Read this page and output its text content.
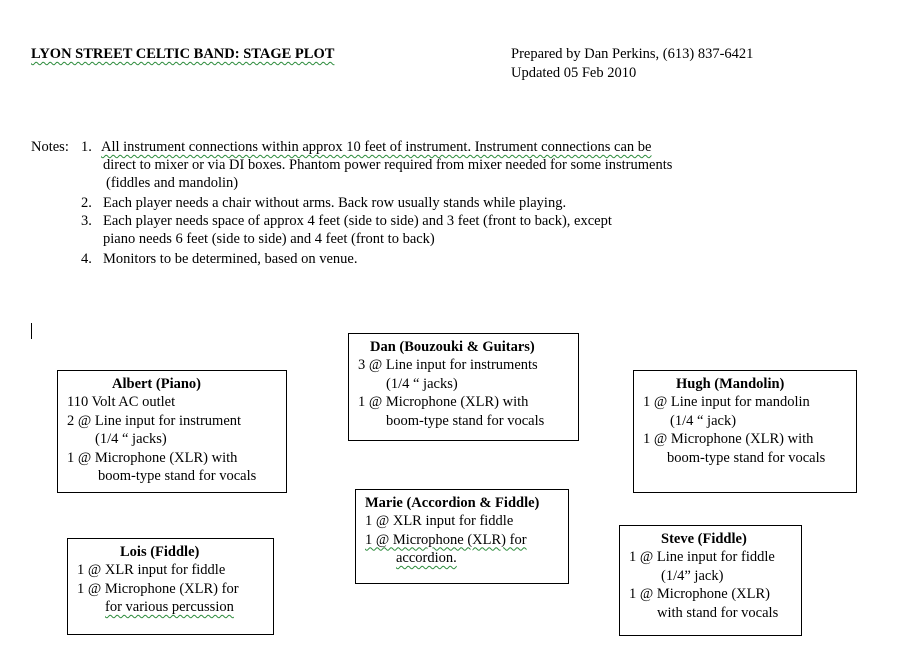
LYON STREET CELTIC BAND: STAGE PLOT	Prepared by Dan Perkins, (613) 837-6421
Updated 05 Feb 2010
Notes: 1. All instrument connections within approx 10 feet of instrument. Instrument connections can be
direct to mixer or via DI boxes. Phantom power required from mixer needed for some instruments
(fiddles and mandolin)
2. Each player needs a chair without arms. Back row usually stands while playing.
3. Each player needs space of approx 4 feet (side to side) and 3 feet (front to back), except
piano needs 6 feet (side to side) and 4 feet (front to back)
4. Monitors to be determined, based on venue.
Dan (Bouzouki & Guitars)
3 @ Line input for instruments
(1/4 “ jacks)
1 @ Microphone (XLR) with
boom-type stand for vocals
Albert (Piano)
110 Volt AC outlet
2 @ Line input for instrument
(1/4 “ jacks)
1 @ Microphone (XLR) with
boom-type stand for vocals
Hugh (Mandolin)
1 @ Line input for mandolin
(1/4 “ jack)
1 @ Microphone (XLR) with
boom-type stand for vocals
Marie (Accordion & Fiddle)
1 @ XLR input for fiddle
1 @ Microphone (XLR) for
accordion.
Lois (Fiddle)
1 @ XLR input for fiddle
1 @ Microphone (XLR) for
for various percussion
Steve (Fiddle)
1 @ Line input for fiddle
(1/4” jack)
1 @ Microphone (XLR)
with stand for vocals
